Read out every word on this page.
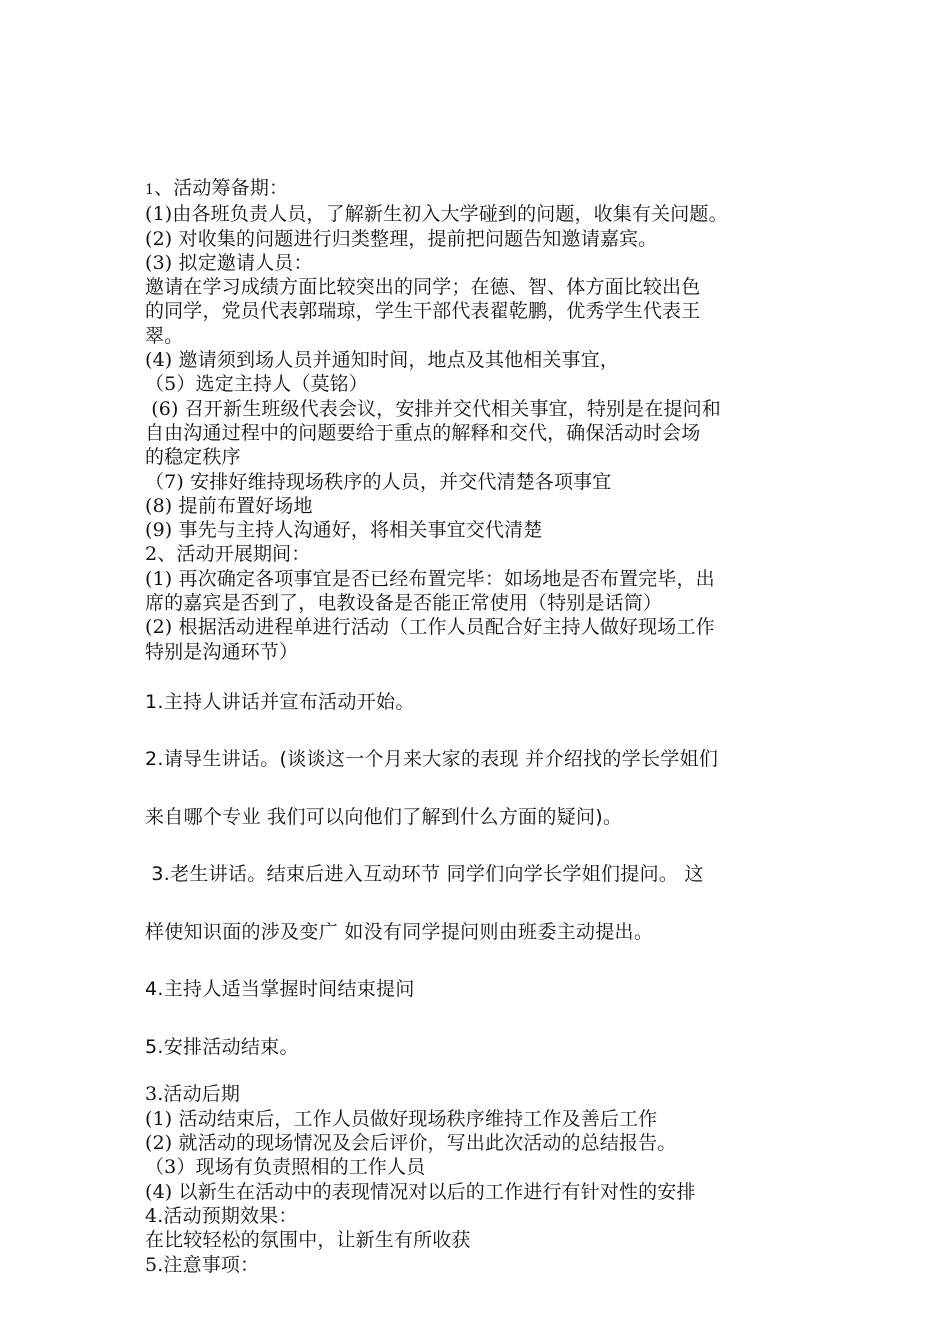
1、活动筹备期：

(1)由各班负责人员，了解新生初入大学碰到的问题，收集有关问题。

(2) 对收集的问题进行归类整理，提前把问题告知邀请嘉宾。

(3) 拟定邀请人员：

邀请在学习成绩方面比较突出的同学；在德、智、体方面比较出色

的同学，党员代表郭瑞琼，学生干部代表翟乾鹏，优秀学生代表王

翠。

(4) 邀请须到场人员并通知时间，地点及其他相关事宜，

（5）选定主持人（莫铭）

(6) 召开新生班级代表会议，安排并交代相关事宜，特别是在提问和

自由沟通过程中的问题要给于重点的解释和交代，确保活动时会场

的稳定秩序

（7) 安排好维持现场秩序的人员，并交代清楚各项事宜

(8) 提前布置好场地

(9) 事先与主持人沟通好，将相关事宜交代清楚

2、活动开展期间：

(1) 再次确定各项事宜是否已经布置完毕：如场地是否布置完毕，出

席的嘉宾是否到了，电教设备是否能正常使用（特别是话筒）

(2) 根据活动进程单进行活动（工作人员配合好主持人做好现场工作

特别是沟通环节）

1.主持人讲话并宣布活动开始。

2.请导生讲话。(谈谈这一个月来大家的表现 并介绍找的学长学姐们

来自哪个专业 我们可以向他们了解到什么方面的疑问)。

3.老生讲话。结束后进入互动环节 同学们向学长学姐们提问。 这

样使知识面的涉及变广 如没有同学提问则由班委主动提出。

4.主持人适当掌握时间结束提问

5.安排活动结束。

3.活动后期

(1) 活动结束后，工作人员做好现场秩序维持工作及善后工作

(2) 就活动的现场情况及会后评价，写出此次活动的总结报告。

（3）现场有负责照相的工作人员

(4) 以新生在活动中的表现情况对以后的工作进行有针对性的安排

4.活动预期效果：

在比较轻松的氛围中，让新生有所收获

5.注意事项：
